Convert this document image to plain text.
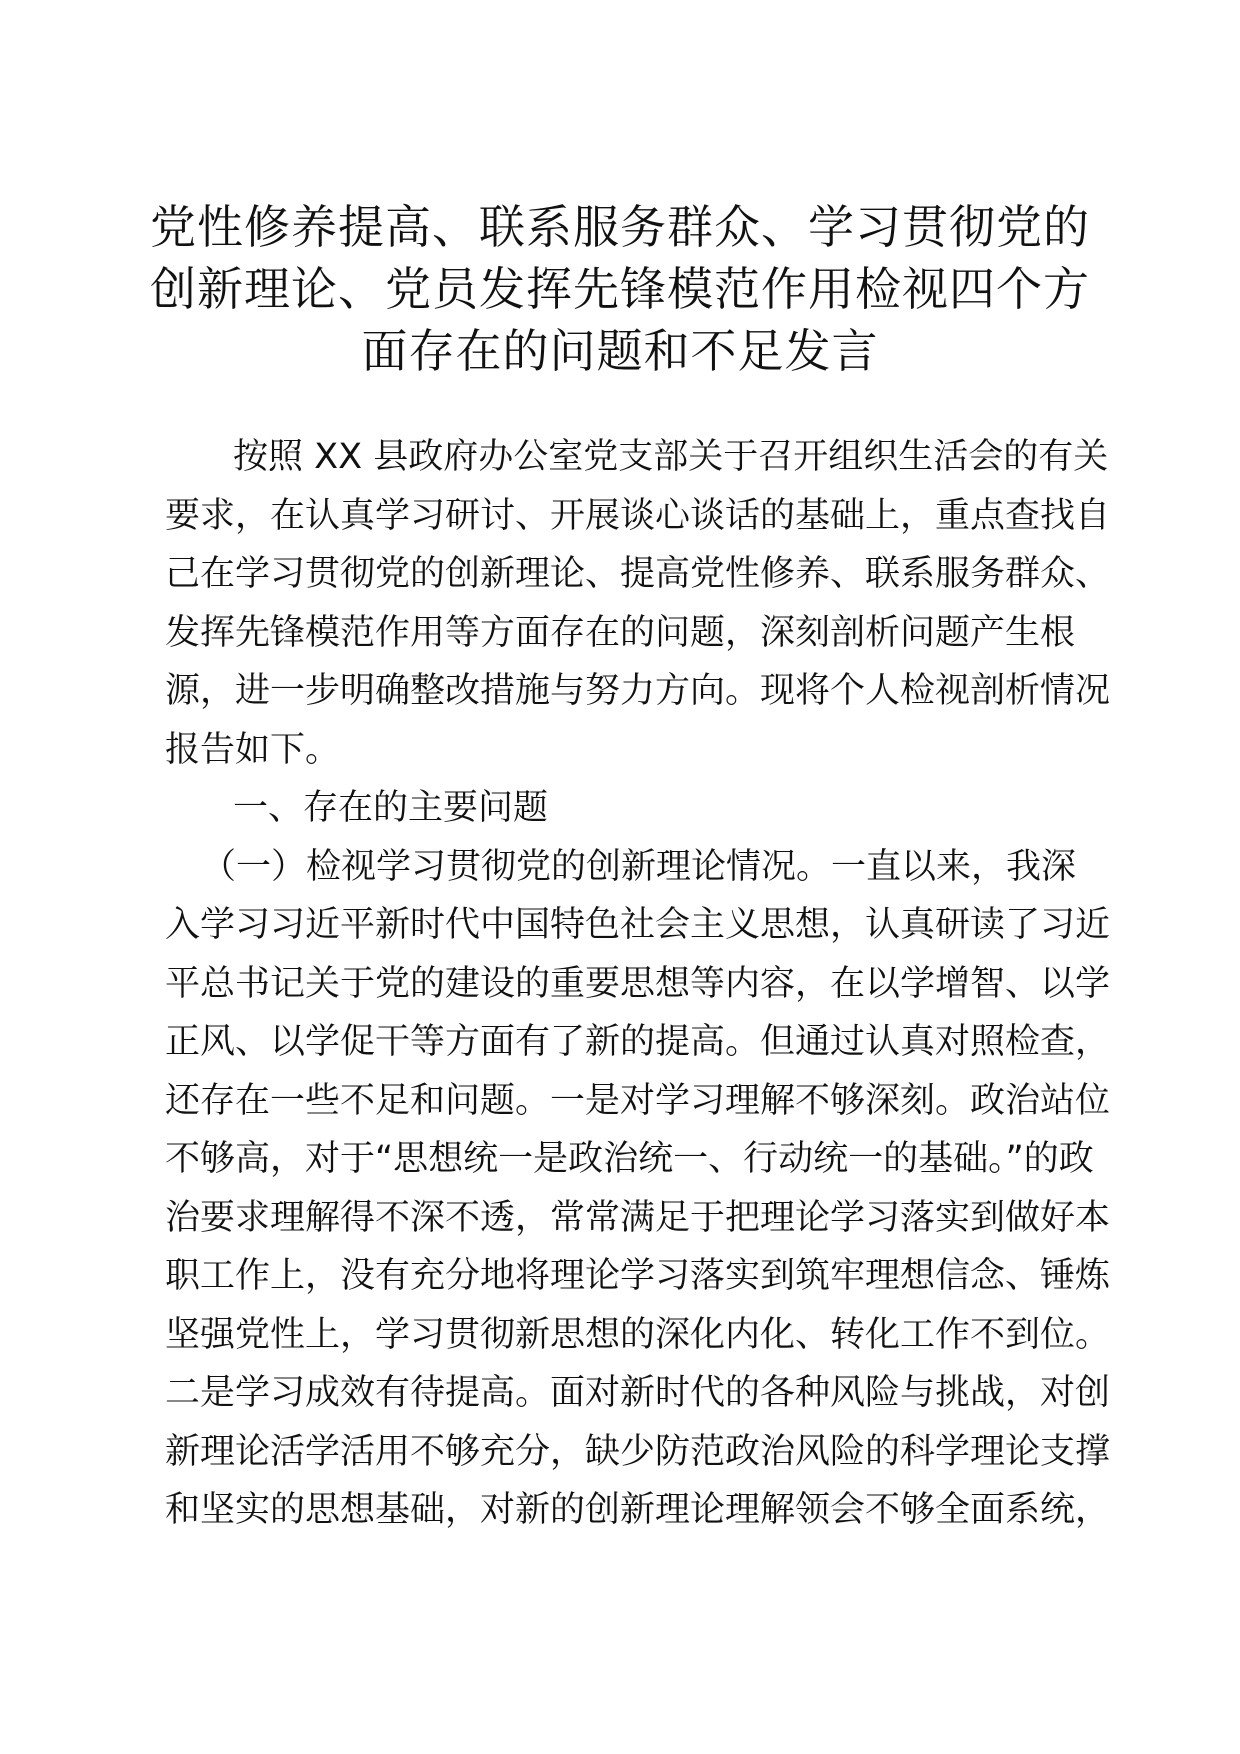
党性修养提高、联系服务群众、学习贯彻党的
创新理论、党员发挥先锋模范作用检视四个方
面存在的问题和不足发言
按照 XX 县政府办公室党支部关于召开组织生活会的有关
要求，在认真学习研讨、开展谈心谈话的基础上，重点查找自
己在学习贯彻党的创新理论、提高党性修养、联系服务群众、
发挥先锋模范作用等方面存在的问题，深刻剖析问题产生根
源，进一步明确整改措施与努力方向。现将个人检视剖析情况
报告如下。
一、存在的主要问题
（一）检视学习贯彻党的创新理论情况。一直以来，我深
入学习习近平新时代中国特色社会主义思想，认真研读了习近
平总书记关于党的建设的重要思想等内容，在以学增智、以学
正风、以学促干等方面有了新的提高。但通过认真对照检查，
还存在一些不足和问题。一是对学习理解不够深刻。政治站位
不够高，对于“思想统一是政治统一、行动统一的基础。”的政
治要求理解得不深不透，常常满足于把理论学习落实到做好本
职工作上，没有充分地将理论学习落实到筑牢理想信念、锤炼
坚强党性上，学习贯彻新思想的深化内化、转化工作不到位。
二是学习成效有待提高。面对新时代的各种风险与挑战，对创
新理论活学活用不够充分，缺少防范政治风险的科学理论支撑
和坚实的思想基础，对新的创新理论理解领会不够全面系统，
